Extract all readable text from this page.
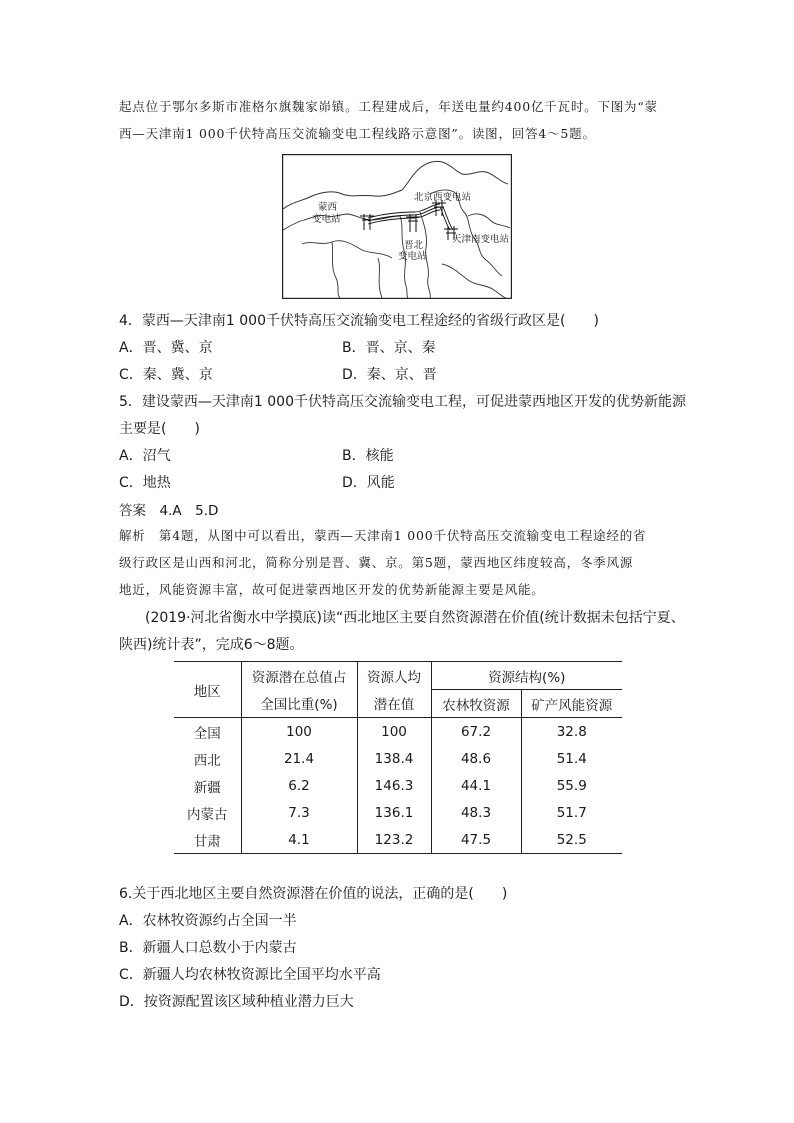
起点位于鄂尔多斯市准格尔旗魏家峁镇。工程建成后，年送电量约400亿千瓦时。下图为“蒙
西—天津南1 000千伏特高压交流输变电工程线路示意图”。读图，回答4～5题。
蒙西
变电站
北京西变电站
天津南变电站
晋北
变电站
4．蒙西—天津南1 000千伏特高压交流输变电工程途经的省级行政区是(　　)
A．晋、冀、京	B．晋、京、秦
C．秦、冀、京	D．秦、京、晋
5．建设蒙西—天津南1 000千伏特高压交流输变电工程，可促进蒙西地区开发的优势新能源
主要是(　　)
A．沼气	B．核能
C．地热	D．风能
答案　4.A　5.D
解析　第4题，从图中可以看出，蒙西—天津南1 000千伏特高压交流输变电工程途经的省
级行政区是山西和河北，简称分别是晋、冀、京。第5题，蒙西地区纬度较高，冬季风源
地近，风能资源丰富，故可促进蒙西地区开发的优势新能源主要是风能。
(2019·河北省衡水中学摸底)读“西北地区主要自然资源潜在价值(统计数据未包括宁夏、
陕西)统计表”，完成6～8题。
地区	资源潜在总值占	资源人均	资源结构(%)	
	全国比重(%)	潜在值	农林牧资源	矿产风能资源
全国	100	100	67.2	32.8
西北	21.4	138.4	48.6	51.4
新疆	6.2	146.3	44.1	55.9
内蒙古	7.3	136.1	48.3	51.7
甘肃	4.1	123.2	47.5	52.5
6.关于西北地区主要自然资源潜在价值的说法，正确的是(　　)
A．农林牧资源约占全国一半
B．新疆人口总数小于内蒙古
C．新疆人均农林牧资源比全国平均水平高
D．按资源配置该区域种植业潜力巨大
